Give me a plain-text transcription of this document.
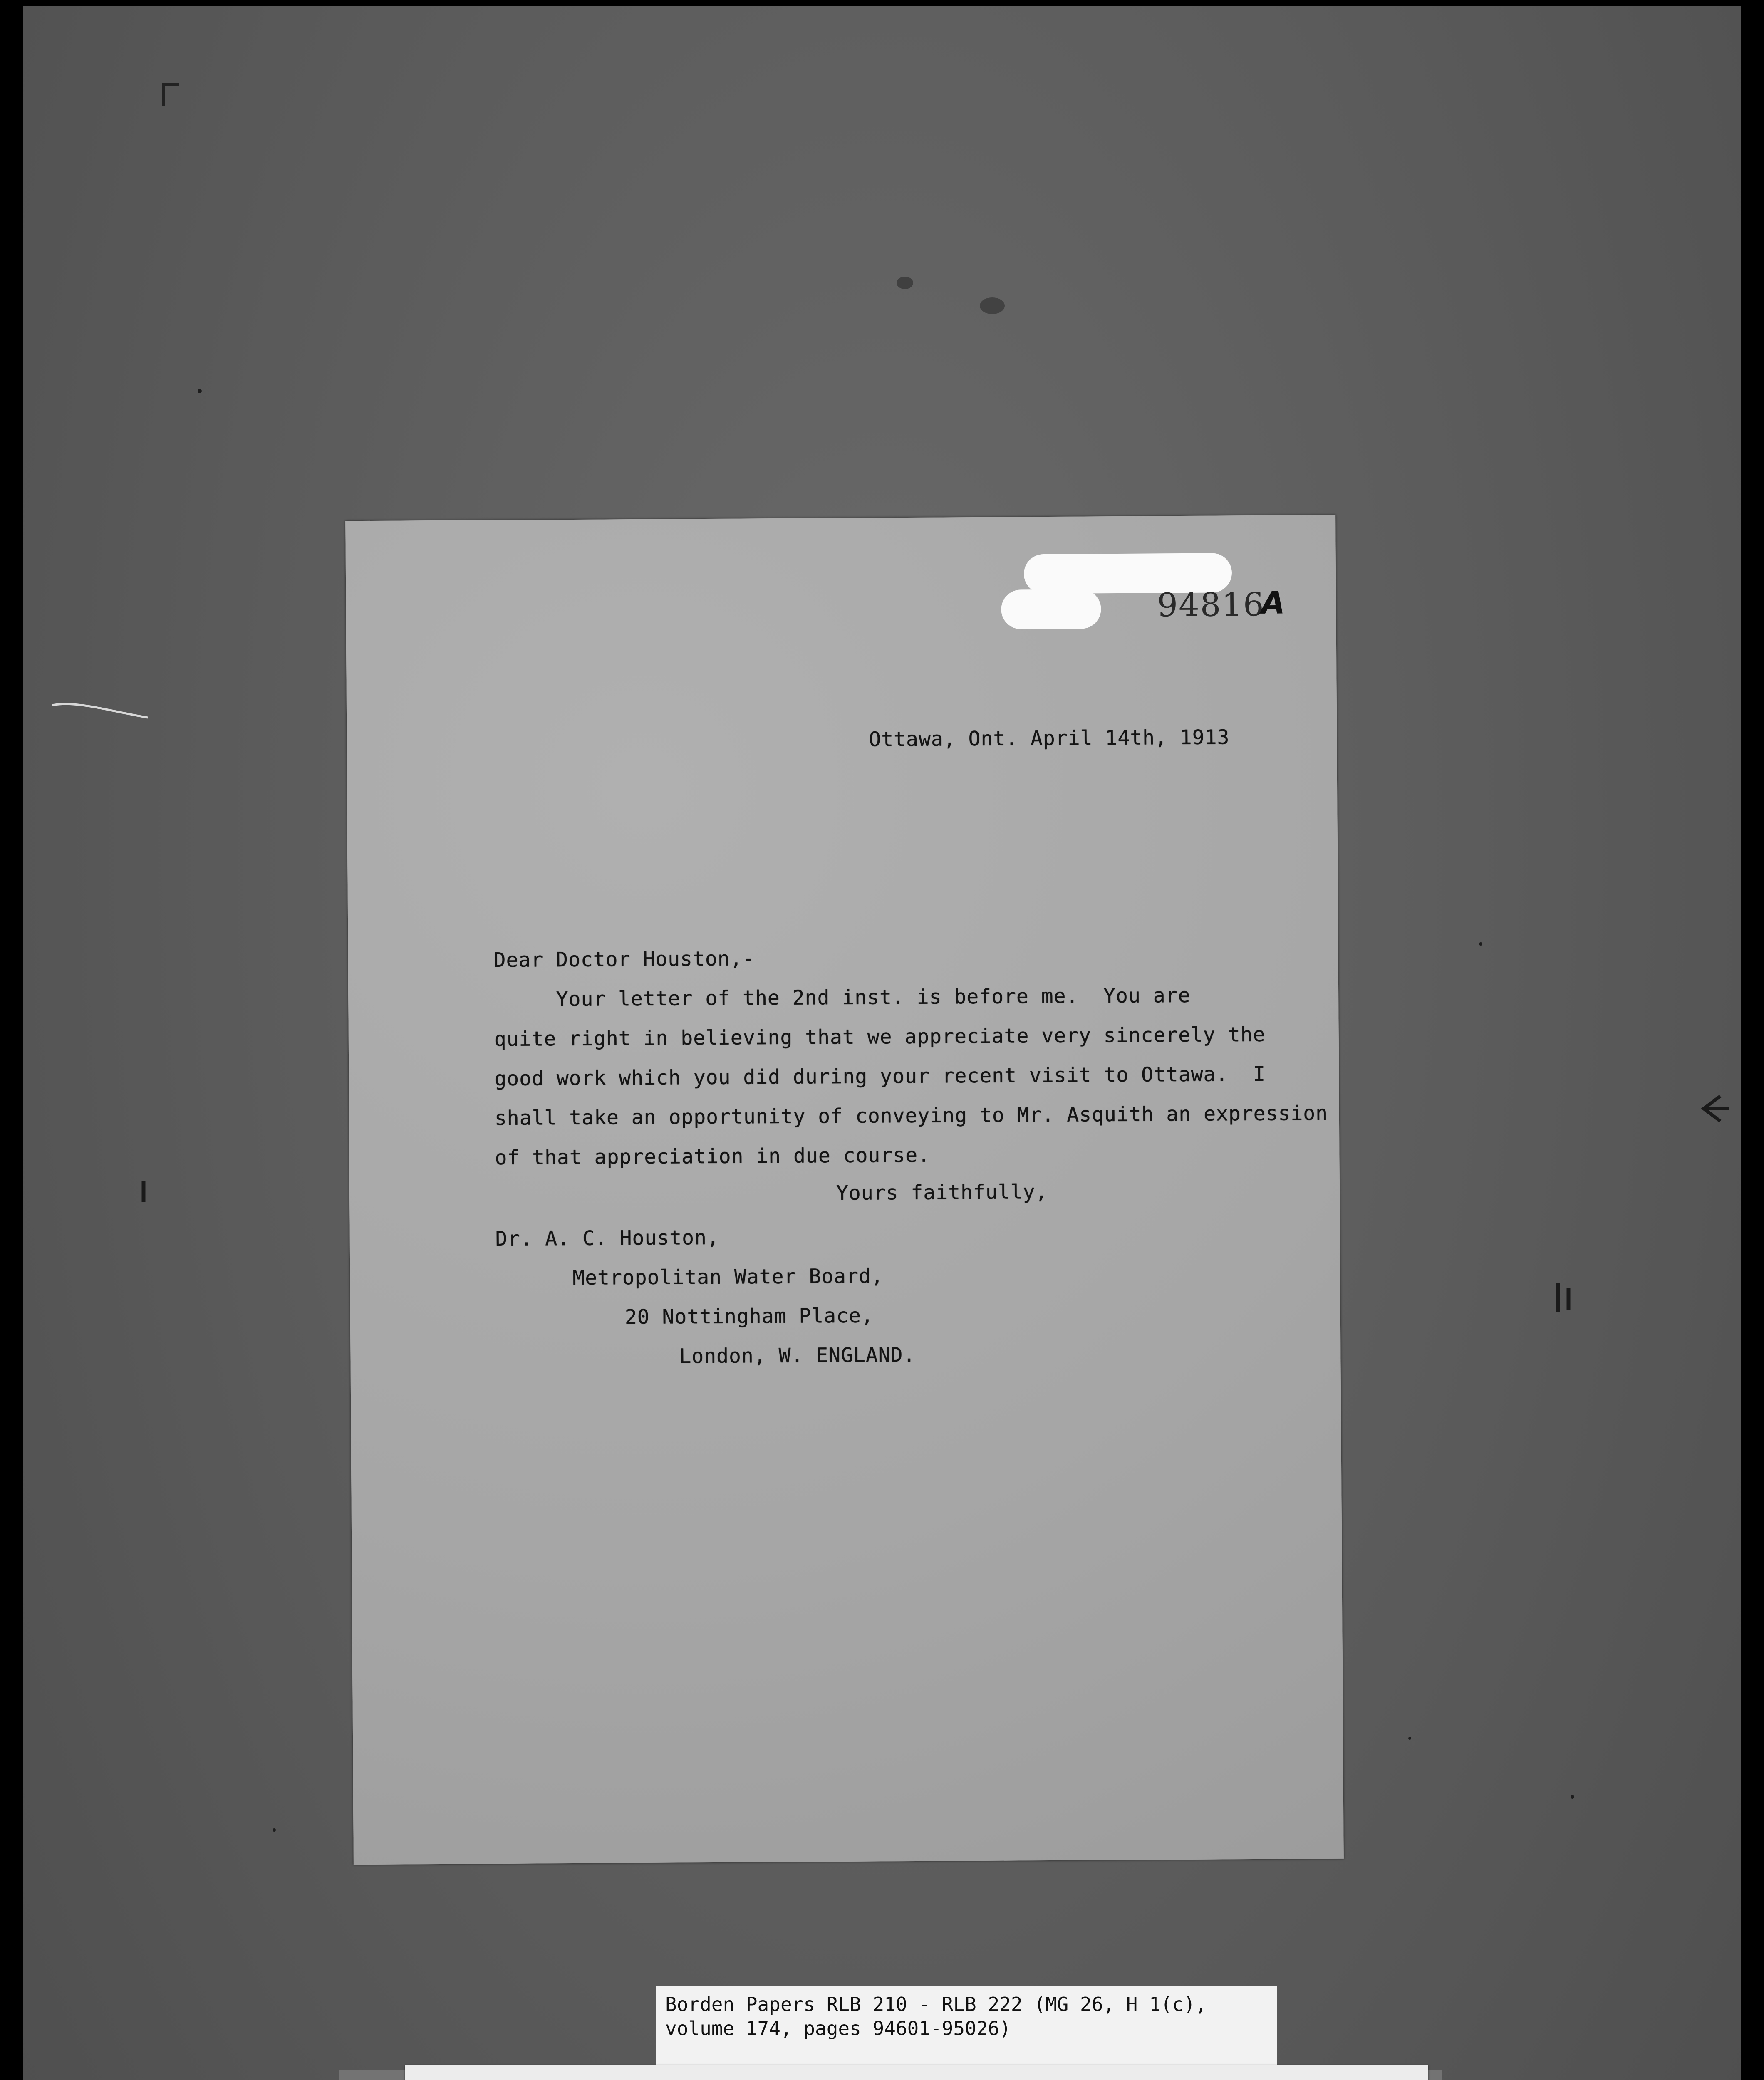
94816
A
Ottawa, Ont. April 14th, 1913
Dear Doctor Houston,-
Your letter of the 2nd inst. is before me.  You are
quite right in believing that we appreciate very sincerely the
good work which you did during your recent visit to Ottawa.  I
shall take an opportunity of conveying to Mr. Asquith an expression
of that appreciation in due course.
Yours faithfully,
Dr. A. C. Houston,
Metropolitan Water Board,
20 Nottingham Place,
London, W. ENGLAND.
Borden Papers RLB 210 - RLB 222 (MG 26, H 1(c),
volume 174, pages 94601-95026)
